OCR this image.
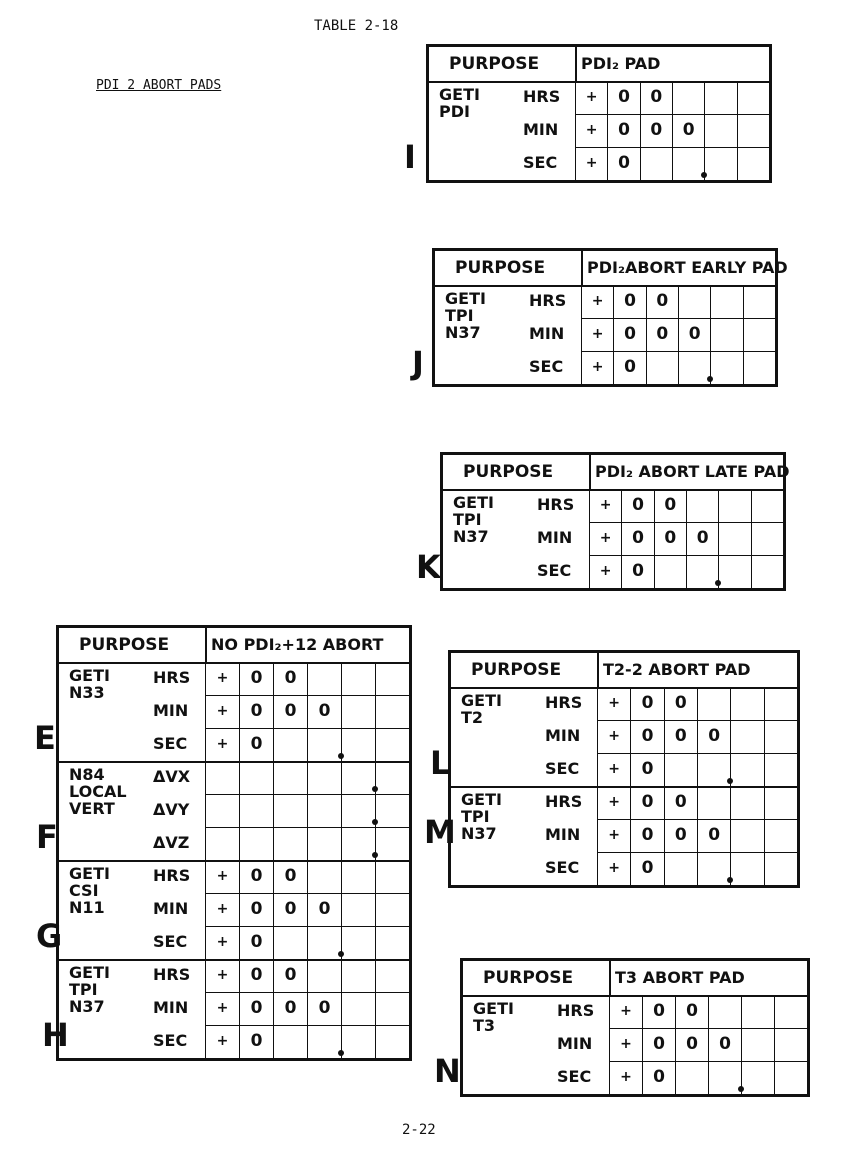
TABLE 2-18
PDI 2 ABORT PADS
2-22
PURPOSE	PDI₂ PAD
GETI
PDI
HRS	+	0	0
MIN	+	0	0	0
SEC	+	0
I
PURPOSE	PDI₂ABORT EARLY PAD
GETI
TPI
N37
HRS	+	0	0
MIN	+	0	0	0
SEC	+	0
J
PURPOSE	PDI₂ ABORT LATE PAD
GETI
TPI
N37
HRS	+	0	0
MIN	+	0	0	0
SEC	+	0
K
PURPOSE	NO PDI₂+12 ABORT
GETI
N33
HRS	+	0	0
MIN	+	0	0	0
SEC	+	0
N84
LOCAL
VERT
ΔVX
ΔVY
ΔVZ
GETI
CSI
N11
HRS	+	0	0
MIN	+	0	0	0
SEC	+	0
GETI
TPI
N37
HRS	+	0	0
MIN	+	0	0	0
SEC	+	0
E
F
G
H
PURPOSE	T2-2 ABORT PAD
GETI
T2
HRS	+	0	0
MIN	+	0	0	0
SEC	+	0
GETI
TPI
N37
HRS	+	0	0
MIN	+	0	0	0
SEC	+	0
L
M
PURPOSE	T3 ABORT PAD
GETI
T3
HRS	+	0	0
MIN	+	0	0	0
SEC	+	0
N
